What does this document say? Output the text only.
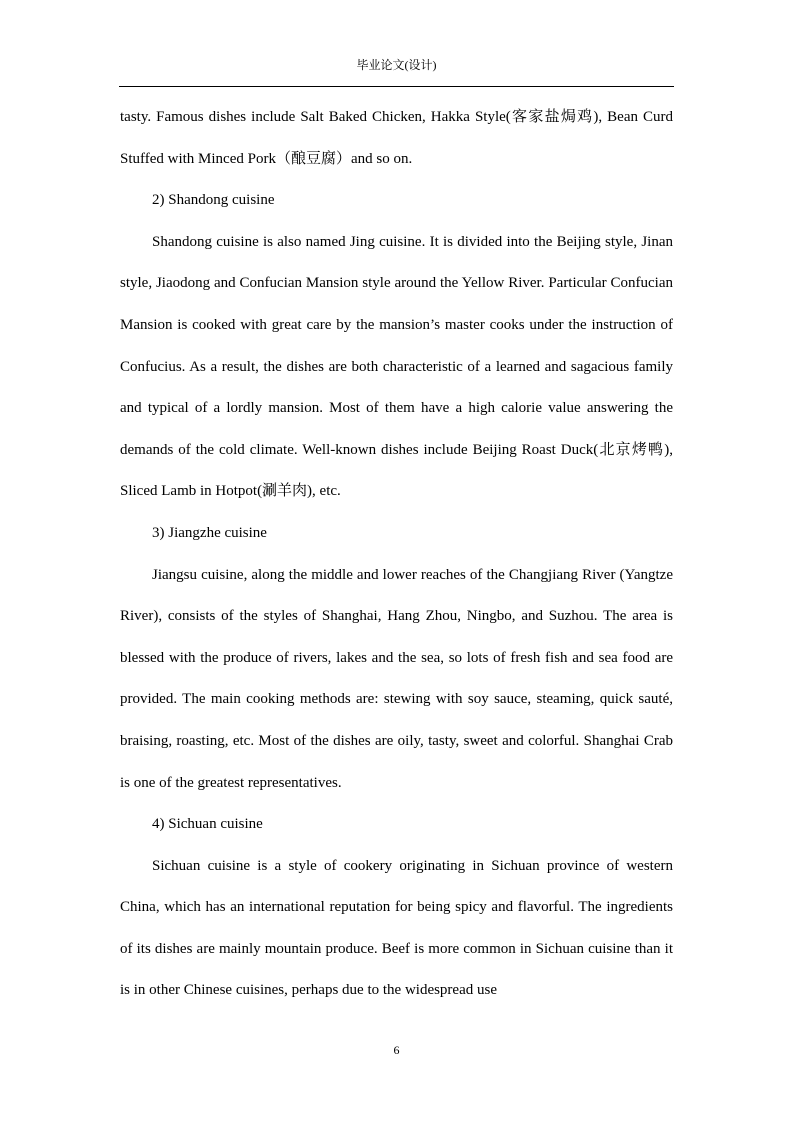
毕业论文(设计)

tasty. Famous dishes include Salt Baked Chicken, Hakka Style(客家盐焗鸡), Bean Curd Stuffed with Minced Pork（酿豆腐）and so on.

2) Shandong cuisine

Shandong cuisine is also named Jing cuisine. It is divided into the Beijing style, Jinan style, Jiaodong and Confucian Mansion style around the Yellow River. Particular Confucian Mansion is cooked with great care by the mansion’s master cooks under the instruction of Confucius. As a result, the dishes are both characteristic of a learned and sagacious family and typical of a lordly mansion. Most of them have a high calorie value answering the demands of the cold climate. Well-known dishes include Beijing Roast Duck(北京烤鸭), Sliced Lamb in Hotpot(涮羊肉), etc.

3) Jiangzhe cuisine

Jiangsu cuisine, along the middle and lower reaches of the Changjiang River (Yangtze River), consists of the styles of Shanghai, Hang Zhou, Ningbo, and Suzhou. The area is blessed with the produce of rivers, lakes and the sea, so lots of fresh fish and sea food are provided. The main cooking methods are: stewing with soy sauce, steaming, quick sauté, braising, roasting, etc. Most of the dishes are oily, tasty, sweet and colorful. Shanghai Crab is one of the greatest representatives.

4) Sichuan cuisine

Sichuan cuisine is a style of cookery originating in Sichuan province of western China, which has an international reputation for being spicy and flavorful. The ingredients of its dishes are mainly mountain produce. Beef is more common in Sichuan cuisine than it is in other Chinese cuisines, perhaps due to the widespread use

6
